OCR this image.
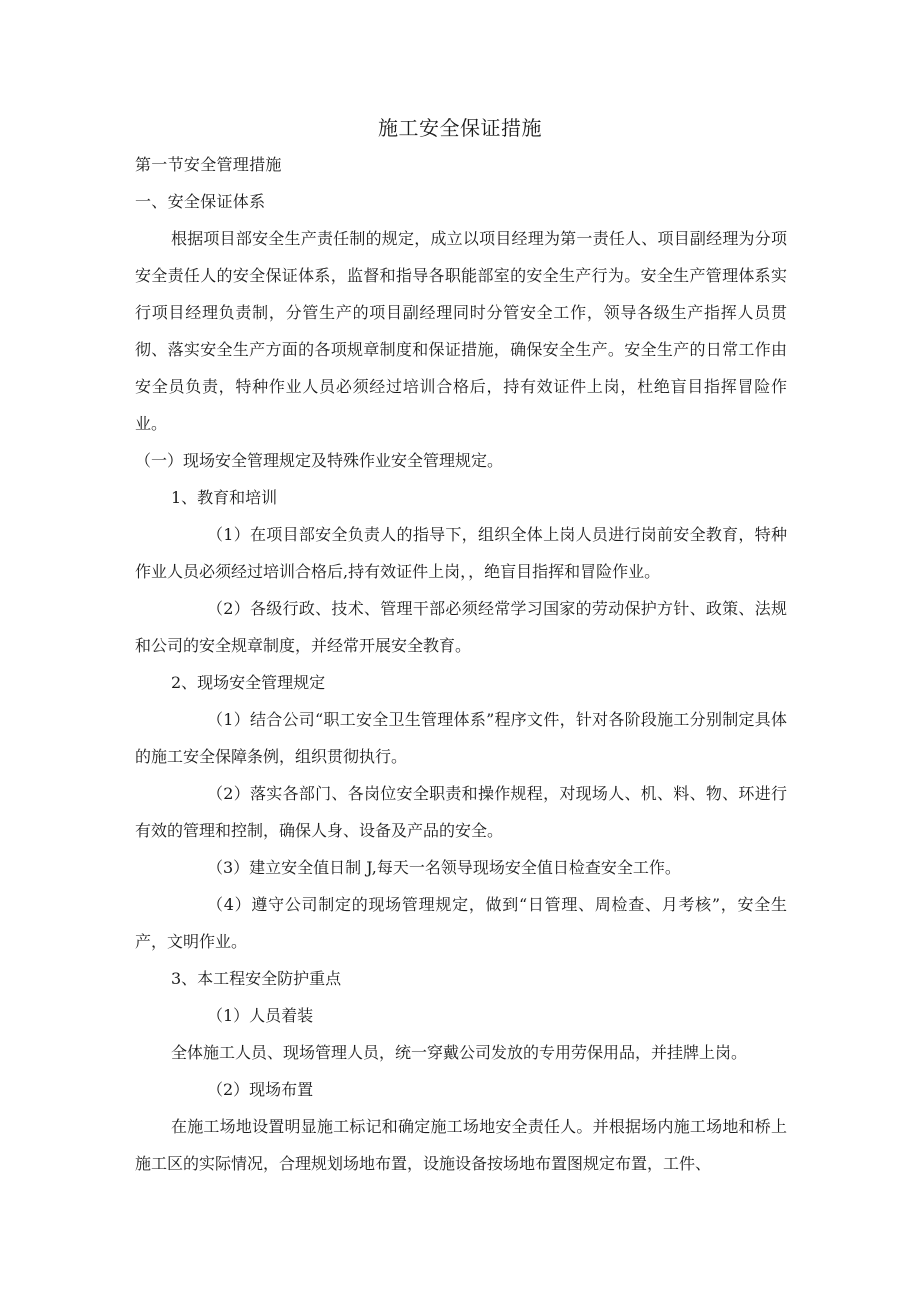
施工安全保证措施

第一节安全管理措施

一、安全保证体系

根据项目部安全生产责任制的规定，成立以项目经理为第一责任人、项目副经理为分项安全责任人的安全保证体系，监督和指导各职能部室的安全生产行为。安全生产管理体系实行项目经理负责制，分管生产的项目副经理同时分管安全工作，领导各级生产指挥人员贯彻、落实安全生产方面的各项规章制度和保证措施，确保安全生产。安全生产的日常工作由安全员负责，特种作业人员必须经过培训合格后，持有效证件上岗，杜绝盲目指挥冒险作业。

（一）现场安全管理规定及特殊作业安全管理规定。

1、教育和培训

（1）在项目部安全负责人的指导下，组织全体上岗人员进行岗前安全教育，特种作业人员必须经过培训合格后,持有效证件上岗，，绝盲目指挥和冒险作业。

（2）各级行政、技术、管理干部必须经常学习国家的劳动保护方针、政策、法规和公司的安全规章制度，并经常开展安全教育。

2、现场安全管理规定

（1）结合公司“职工安全卫生管理体系”程序文件，针对各阶段施工分别制定具体的施工安全保障条例，组织贯彻执行。

（2）落实各部门、各岗位安全职责和操作规程，对现场人、机、料、物、环进行有效的管理和控制，确保人身、设备及产品的安全。

（3）建立安全值日制 J,每天一名领导现场安全值日检查安全工作。

（4）遵守公司制定的现场管理规定，做到“日管理、周检查、月考核”，安全生产，文明作业。

3、本工程安全防护重点

（1）人员着装

全体施工人员、现场管理人员，统一穿戴公司发放的专用劳保用品，并挂牌上岗。

（2）现场布置

在施工场地设置明显施工标记和确定施工场地安全责任人。并根据场内施工场地和桥上施工区的实际情况，合理规划场地布置，设施设备按场地布置图规定布置，工件、
